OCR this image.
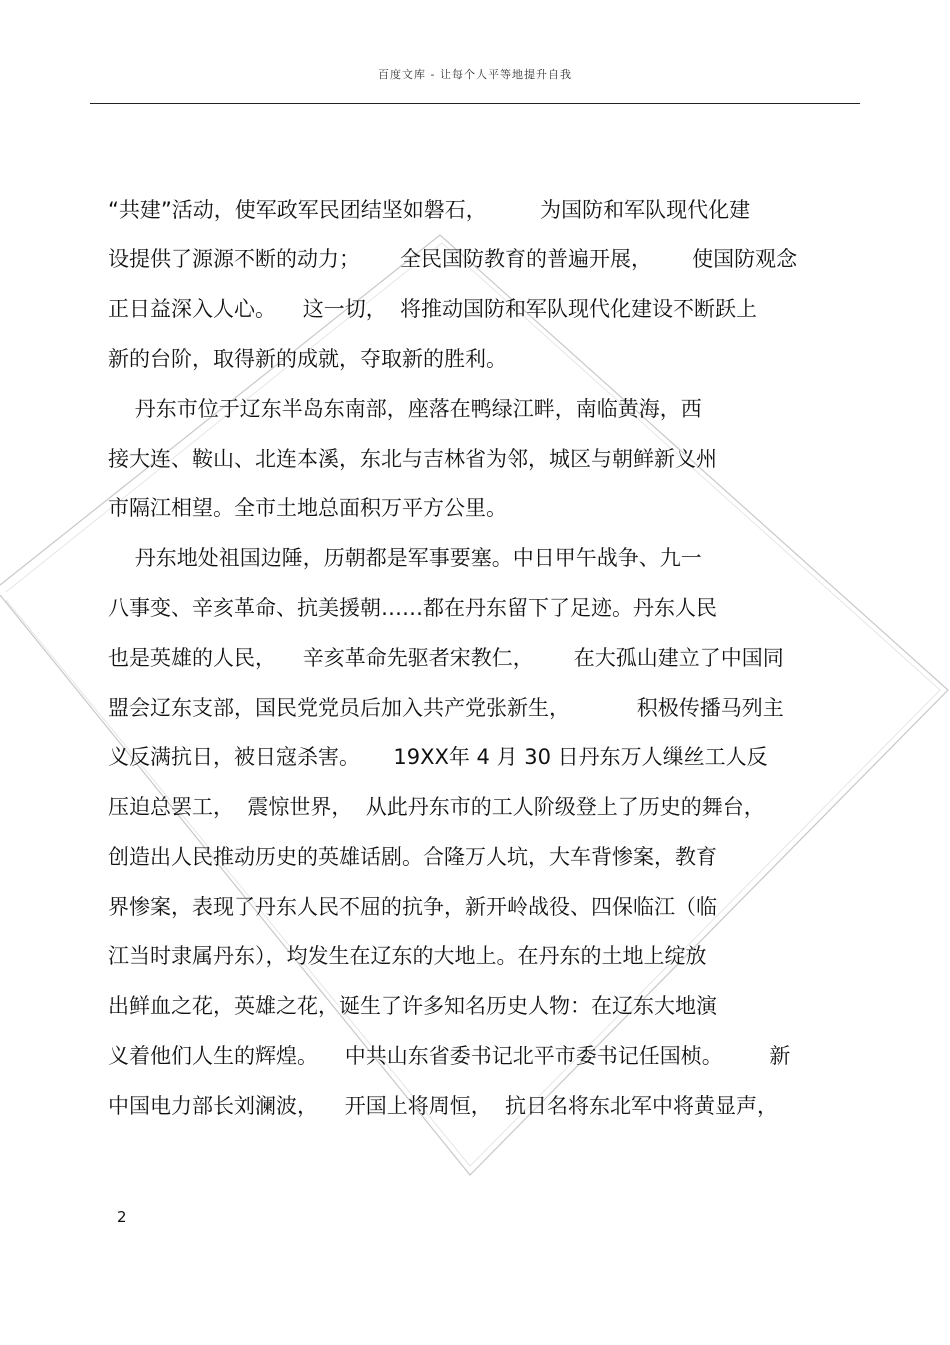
百度文库 - 让每个人平等地提升自我
“共建”活动，使军政军民团结坚如磐石，        为国防和军队现代化建
设提供了源源不断的动力；      全民国防教育的普遍开展，      使国防观念
正日益深入人心。    这一切，  将推动国防和军队现代化建设不断跃上
新的台阶，取得新的成就，夺取新的胜利。
丹东市位于辽东半岛东南部，座落在鸭绿江畔，南临黄海，西
接大连、鞍山、北连本溪，东北与吉林省为邻，城区与朝鲜新义州
市隔江相望。全市土地总面积万平方公里。
丹东地处祖国边陲，历朝都是军事要塞。中日甲午战争、九一
八事变、辛亥革命、抗美援朝……都在丹东留下了足迹。丹东人民
也是英雄的人民，    辛亥革命先驱者宋教仁，      在大孤山建立了中国同
盟会辽东支部，国民党党员后加入共产党张新生，          积极传播马列主
义反满抗日，被日寇杀害。     19XX年 4 月 30 日丹东万人缫丝工人反
压迫总罢工，  震惊世界，  从此丹东市的工人阶级登上了历史的舞台，
创造出人民推动历史的英雄话剧。合隆万人坑，大车背惨案，教育
界惨案，表现了丹东人民不屈的抗争，新开岭战役、四保临江（临
江当时隶属丹东），均发生在辽东的大地上。在丹东的土地上绽放
出鲜血之花，英雄之花，诞生了许多知名历史人物：在辽东大地演
义着他们人生的辉煌。    中共山东省委书记北平市委书记任国桢。       新
中国电力部长刘澜波，    开国上将周恒，  抗日名将东北军中将黄显声，
2
